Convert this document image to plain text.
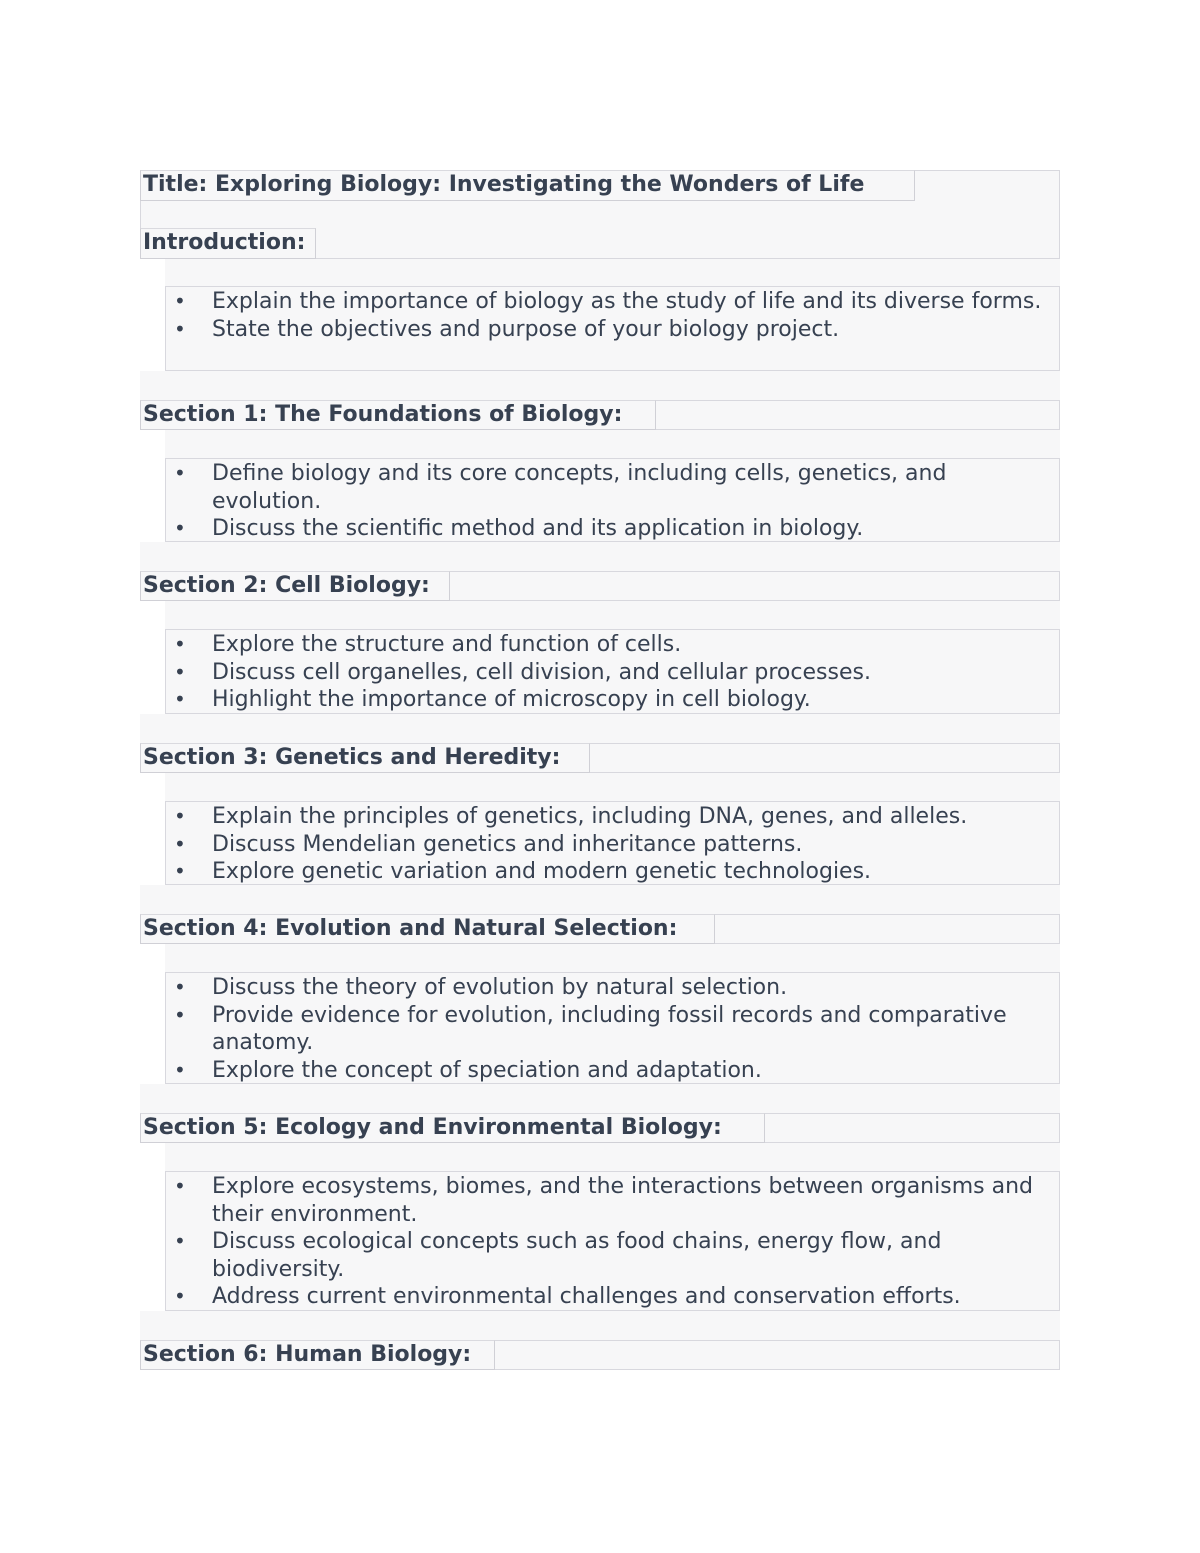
Title: Exploring Biology: Investigating the Wonders of Life
Introduction:
• Explain the importance of biology as the study of life and its diverse forms.
• State the objectives and purpose of your biology project.
Section 1: The Foundations of Biology:
• Define biology and its core concepts, including cells, genetics, and evolution.
• Discuss the scientific method and its application in biology.
Section 2: Cell Biology:
• Explore the structure and function of cells.
• Discuss cell organelles, cell division, and cellular processes.
• Highlight the importance of microscopy in cell biology.
Section 3: Genetics and Heredity:
• Explain the principles of genetics, including DNA, genes, and alleles.
• Discuss Mendelian genetics and inheritance patterns.
• Explore genetic variation and modern genetic technologies.
Section 4: Evolution and Natural Selection:
• Discuss the theory of evolution by natural selection.
• Provide evidence for evolution, including fossil records and comparative anatomy.
• Explore the concept of speciation and adaptation.
Section 5: Ecology and Environmental Biology:
• Explore ecosystems, biomes, and the interactions between organisms and their environment.
• Discuss ecological concepts such as food chains, energy flow, and biodiversity.
• Address current environmental challenges and conservation efforts.
Section 6: Human Biology:
